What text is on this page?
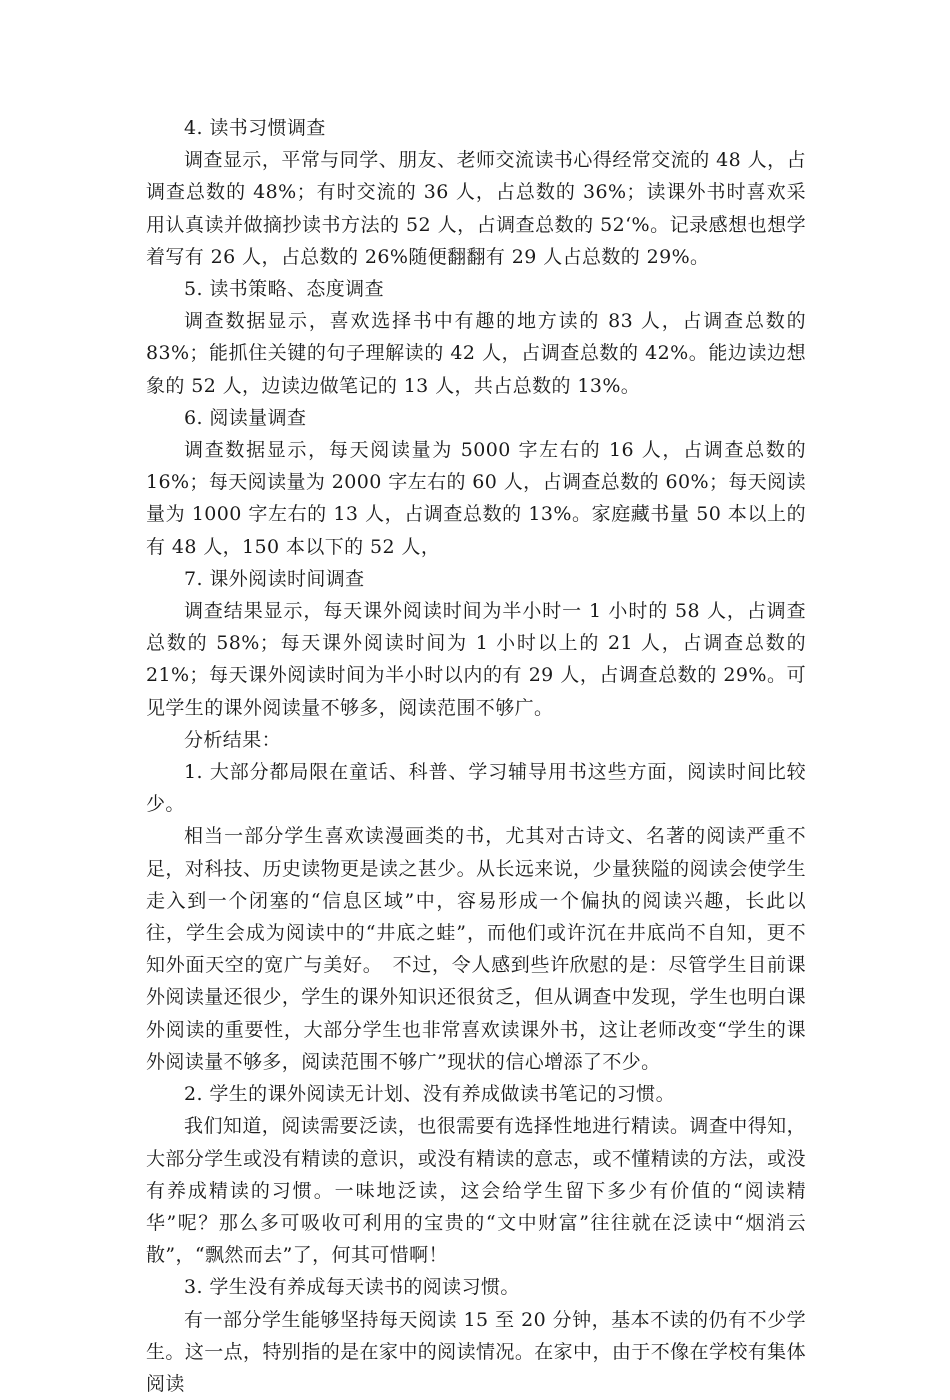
4. 读书习惯调查

调查显示，平常与同学、朋友、老师交流读书心得经常交流的 48 人，占调查总数的 48%；有时交流的 36 人，占总数的 36%；读课外书时喜欢采用认真读并做摘抄读书方法的 52 人，占调查总数的 52‘%。记录感想也想学着写有 26 人，占总数的 26%随便翻翻有 29 人占总数的 29%。

5. 读书策略、态度调查

调查数据显示，喜欢选择书中有趣的地方读的 83 人，占调查总数的 83%；能抓住关键的句子理解读的 42 人，占调查总数的 42%。能边读边想象的 52 人，边读边做笔记的 13 人，共占总数的 13%。

6. 阅读量调查

调查数据显示，每天阅读量为 5000 字左右的 16 人，占调查总数的 16%；每天阅读量为 2000 字左右的 60 人，占调查总数的 60%；每天阅读量为 1000 字左右的 13 人，占调查总数的 13%。家庭藏书量 50 本以上的有 48 人，150 本以下的 52 人，

7. 课外阅读时间调查

调查结果显示，每天课外阅读时间为半小时一 1 小时的 58 人，占调查总数的 58%；每天课外阅读时间为 1 小时以上的 21 人，占调查总数的 21%；每天课外阅读时间为半小时以内的有 29 人，占调查总数的 29%。可见学生的课外阅读量不够多，阅读范围不够广。

分析结果：

1. 大部分都局限在童话、科普、学习辅导用书这些方面，阅读时间比较少。

相当一部分学生喜欢读漫画类的书，尤其对古诗文、名著的阅读严重不足，对科技、历史读物更是读之甚少。从长远来说，少量狭隘的阅读会使学生走入到一个闭塞的“信息区域”中，容易形成一个偏执的阅读兴趣，长此以往，学生会成为阅读中的“井底之蛙”，而他们或许沉在井底尚不自知，更不知外面天空的宽广与美好。　不过，令人感到些许欣慰的是：尽管学生目前课外阅读量还很少，学生的课外知识还很贫乏，但从调查中发现，学生也明白课外阅读的重要性，大部分学生也非常喜欢读课外书，这让老师改变“学生的课外阅读量不够多，阅读范围不够广”现状的信心增添了不少。

2. 学生的课外阅读无计划、没有养成做读书笔记的习惯。

我们知道，阅读需要泛读，也很需要有选择性地进行精读。调查中得知，大部分学生或没有精读的意识，或没有精读的意志，或不懂精读的方法，或没有养成精读的习惯。一味地泛读，这会给学生留下多少有价值的“阅读精华”呢？那么多可吸收可利用的宝贵的“文中财富”往往就在泛读中“烟消云散”，“飘然而去”了，何其可惜啊！

3. 学生没有养成每天读书的阅读习惯。

有一部分学生能够坚持每天阅读 15 至 20 分钟，基本不读的仍有不少学生。这一点，特别指的是在家中的阅读情况。在家中，由于不像在学校有集体阅读
